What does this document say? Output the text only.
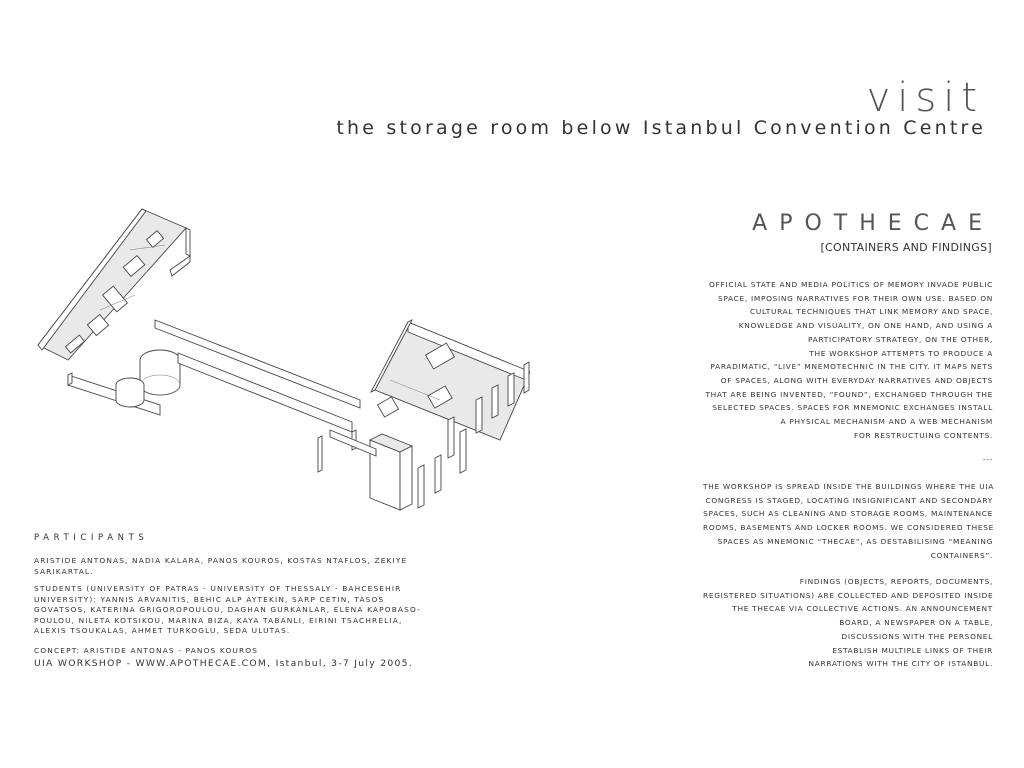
visit
the storage room below Istanbul Convention Centre
APOTHECAE
[CONTAINERS AND FINDINGS]
OFFICIAL STATE AND MEDIA POLITICS OF MEMORY INVADE PUBLIC
SPACE, IMPOSING NARRATIVES FOR THEIR OWN USE. BASED ON
CULTURAL TECHNIQUES THAT LINK MEMORY AND SPACE,
KNOWLEDGE AND VISUALITY, ON ONE HAND, AND USING A
PARTICIPATORY STRATEGY, ON THE OTHER,
THE WORKSHOP ATTEMPTS TO PRODUCE A
PARADIMATIC, “LIVE” MNEMOTECHNIC IN THE CITY. IT MAPS NETS
OF SPACES, ALONG WITH EVERYDAY NARRATIVES AND OBJECTS
THAT ARE BEING INVENTED, “FOUND”, EXCHANGED THROUGH THE
SELECTED SPACES. SPACES FOR MNEMONIC EXCHANGES INSTALL
A PHYSICAL MECHANISM AND A WEB MECHANISM
FOR RESTRUCTUING CONTENTS.
---
THE WORKSHOP IS SPREAD INSIDE THE BUILDINGS WHERE THE UIA
CONGRESS IS STAGED, LOCATING INSIGNIFICANT AND SECONDARY
SPACES, SUCH AS CLEANING AND STORAGE ROOMS, MAINTENANCE
ROOMS, BASEMENTS AND LOCKER ROOMS. WE CONSIDERED THESE
SPACES AS MNEMONIC “THECAE”, AS DESTABILISING “MEANING
CONTAINERS”.
FINDINGS (OBJECTS, REPORTS, DOCUMENTS,
REGISTERED SITUATIONS) ARE COLLECTED AND DEPOSITED INSIDE
THE THECAE VIA COLLECTIVE ACTIONS. AN ANNOUNCEMENT
BOARD, A NEWSPAPER ON A TABLE,
DISCUSSIONS WITH THE PERSONEL
ESTABLISH MULTIPLE LINKS OF THEIR
NARRATIONS WITH THE CITY OF ISTANBUL.
PARTICIPANTS
ARISTIDE ANTONAS, NADIA KALARA, PANOS KOUROS, KOSTAS NTAFLOS, ZEKIYE
SARIKARTAL.
STUDENTS (UNIVERSITY OF PATRAS - UNIVERSITY OF THESSALY - BAHCESEHIR
UNIVERSITY): YANNIS ARVANITIS, BEHIC ALP AYTEKIN, SARP CETIN, TASOS
GOVATSOS, KATERINA GRIGOROPOULOU, DAGHAN GURKANLAR, ELENA KAPOBASO-
POULOU, NILETA KOTSIKOU, MARINA BIZA, KAYA TABANLI, EIRINI TSACHRELIA,
ALEXIS TSOUKALAS, AHMET TURKOGLU, SEDA ULUTAS.
CONCEPT: ARISTIDE ANTONAS - PANOS KOUROS
UIA WORKSHOP - WWW.APOTHECAE.COM, Istanbul, 3-7 July 2005.
